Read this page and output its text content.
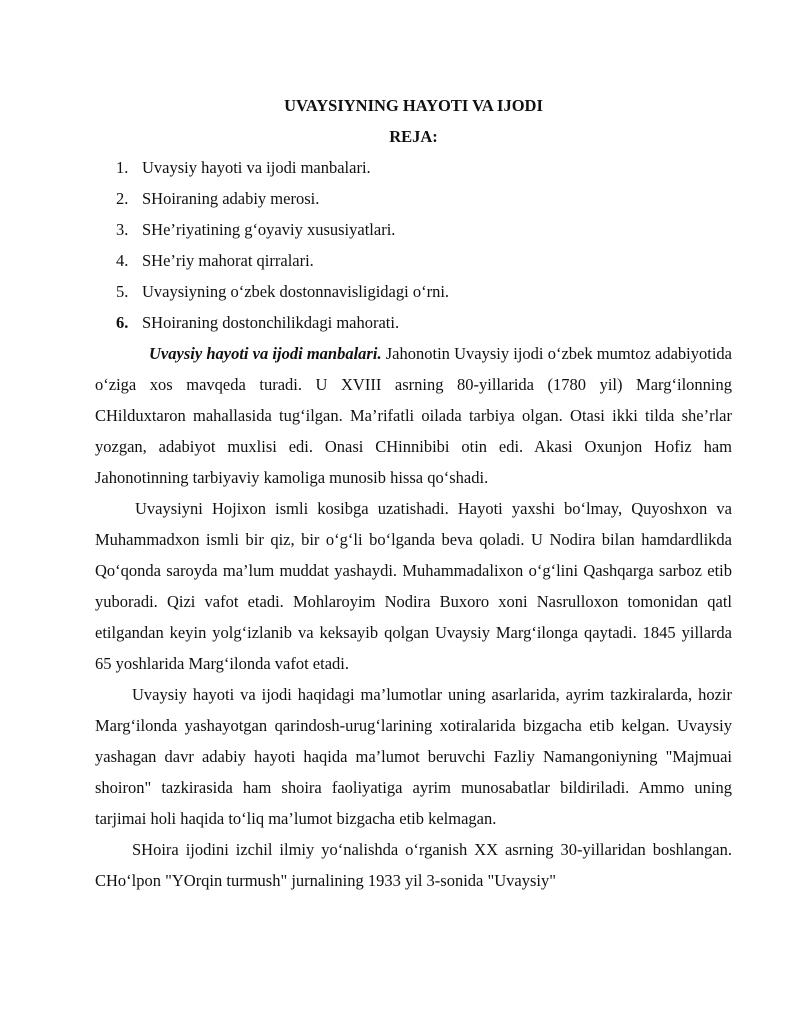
UVAYSIYNING HAYOTI VA IJODI
REJA:
1. Uvaysiy hayoti va ijodi manbalari.
2. SHoiraning adabiy merosi.
3. SHe’riyatining g‘oyaviy xususiyatlari.
4. SHe’riy mahorat qirralari.
5. Uvaysiyning o‘zbek dostonnavisligidagi o‘rni.
6. SHoiraning dostonchilikdagi mahorati.

Uvaysiy hayoti va ijodi manbalari. Jahonotin Uvaysiy ijodi o‘zbek mumtoz adabiyotida o‘ziga xos mavqeda turadi. U XVIII asrning 80-yillarida (1780 yil) Marg‘ilonning CHilduxtaron mahallasida tug‘ilgan. Ma’rifatli oilada tarbiya olgan. Otasi ikki tilda she’rlar yozgan, adabiyot muxlisi edi. Onasi CHinnibibi otin edi. Akasi Oxunjon Hofiz ham Jahonotinning tarbiyaviy kamoliga munosib hissa qo‘shadi.

Uvaysiyni Hojixon ismli kosibga uzatishadi. Hayoti yaxshi bo‘lmay, Quyoshxon va Muhammadxon ismli bir qiz, bir o‘g‘li bo‘lganda beva qoladi. U Nodira bilan hamdardlikda Qo‘qonda saroyda ma’lum muddat yashaydi. Muhammadalixon o‘g‘lini Qashqarga sarboz etib yuboradi. Qizi vafot etadi. Mohlaroyim Nodira Buxoro xoni Nasrulloxon tomonidan qatl etilgandan keyin yolg‘izlanib va keksayib qolgan Uvaysiy Marg‘ilonga qaytadi. 1845 yillarda 65 yoshlarida Marg‘ilonda vafot etadi.

Uvaysiy hayoti va ijodi haqidagi ma’lumotlar uning asarlarida, ayrim tazkiralarda, hozir Marg‘ilonda yashayotgan qarindosh-urug‘larining xotiralarida bizgacha etib kelgan. Uvaysiy yashagan davr adabiy hayoti haqida ma’lumot beruvchi Fazliy Namangoniyning "Majmuai shoiron" tazkirasida ham shoira faoliyatiga ayrim munosabatlar bildiriladi. Ammo uning tarjimai holi haqida to‘liq ma’lumot bizgacha etib kelmagan.

SHoira ijodini izchil ilmiy yo‘nalishda o‘rganish XX asrning 30-yillaridan boshlangan. CHo‘lpon "YOrqin turmush" jurnalining 1933 yil 3-sonida "Uvaysiy"
